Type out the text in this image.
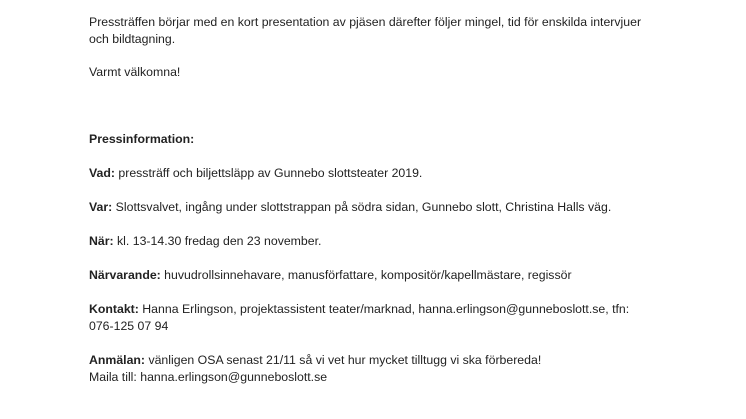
Pressträffen börjar med en kort presentation av pjäsen därefter följer mingel, tid för enskilda intervjuer och bildtagning.

Varmt välkomna!

Pressinformation:

Vad: pressträff och biljettsläpp av Gunnebo slottsteater 2019.

Var: Slottsvalvet, ingång under slottstrappan på södra sidan, Gunnebo slott, Christina Halls väg.

När: kl. 13-14.30 fredag den 23 november.

Närvarande: huvudrollsinnehavare, manusförfattare, kompositör/kapellmästare, regissör

Kontakt: Hanna Erlingson, projektassistent teater/marknad, hanna.erlingson@gunneboslott.se, tfn: 076-125 07 94

Anmälan: vänligen OSA senast 21/11 så vi vet hur mycket tilltugg vi ska förbereda!
Maila till: hanna.erlingson@gunneboslott.se
